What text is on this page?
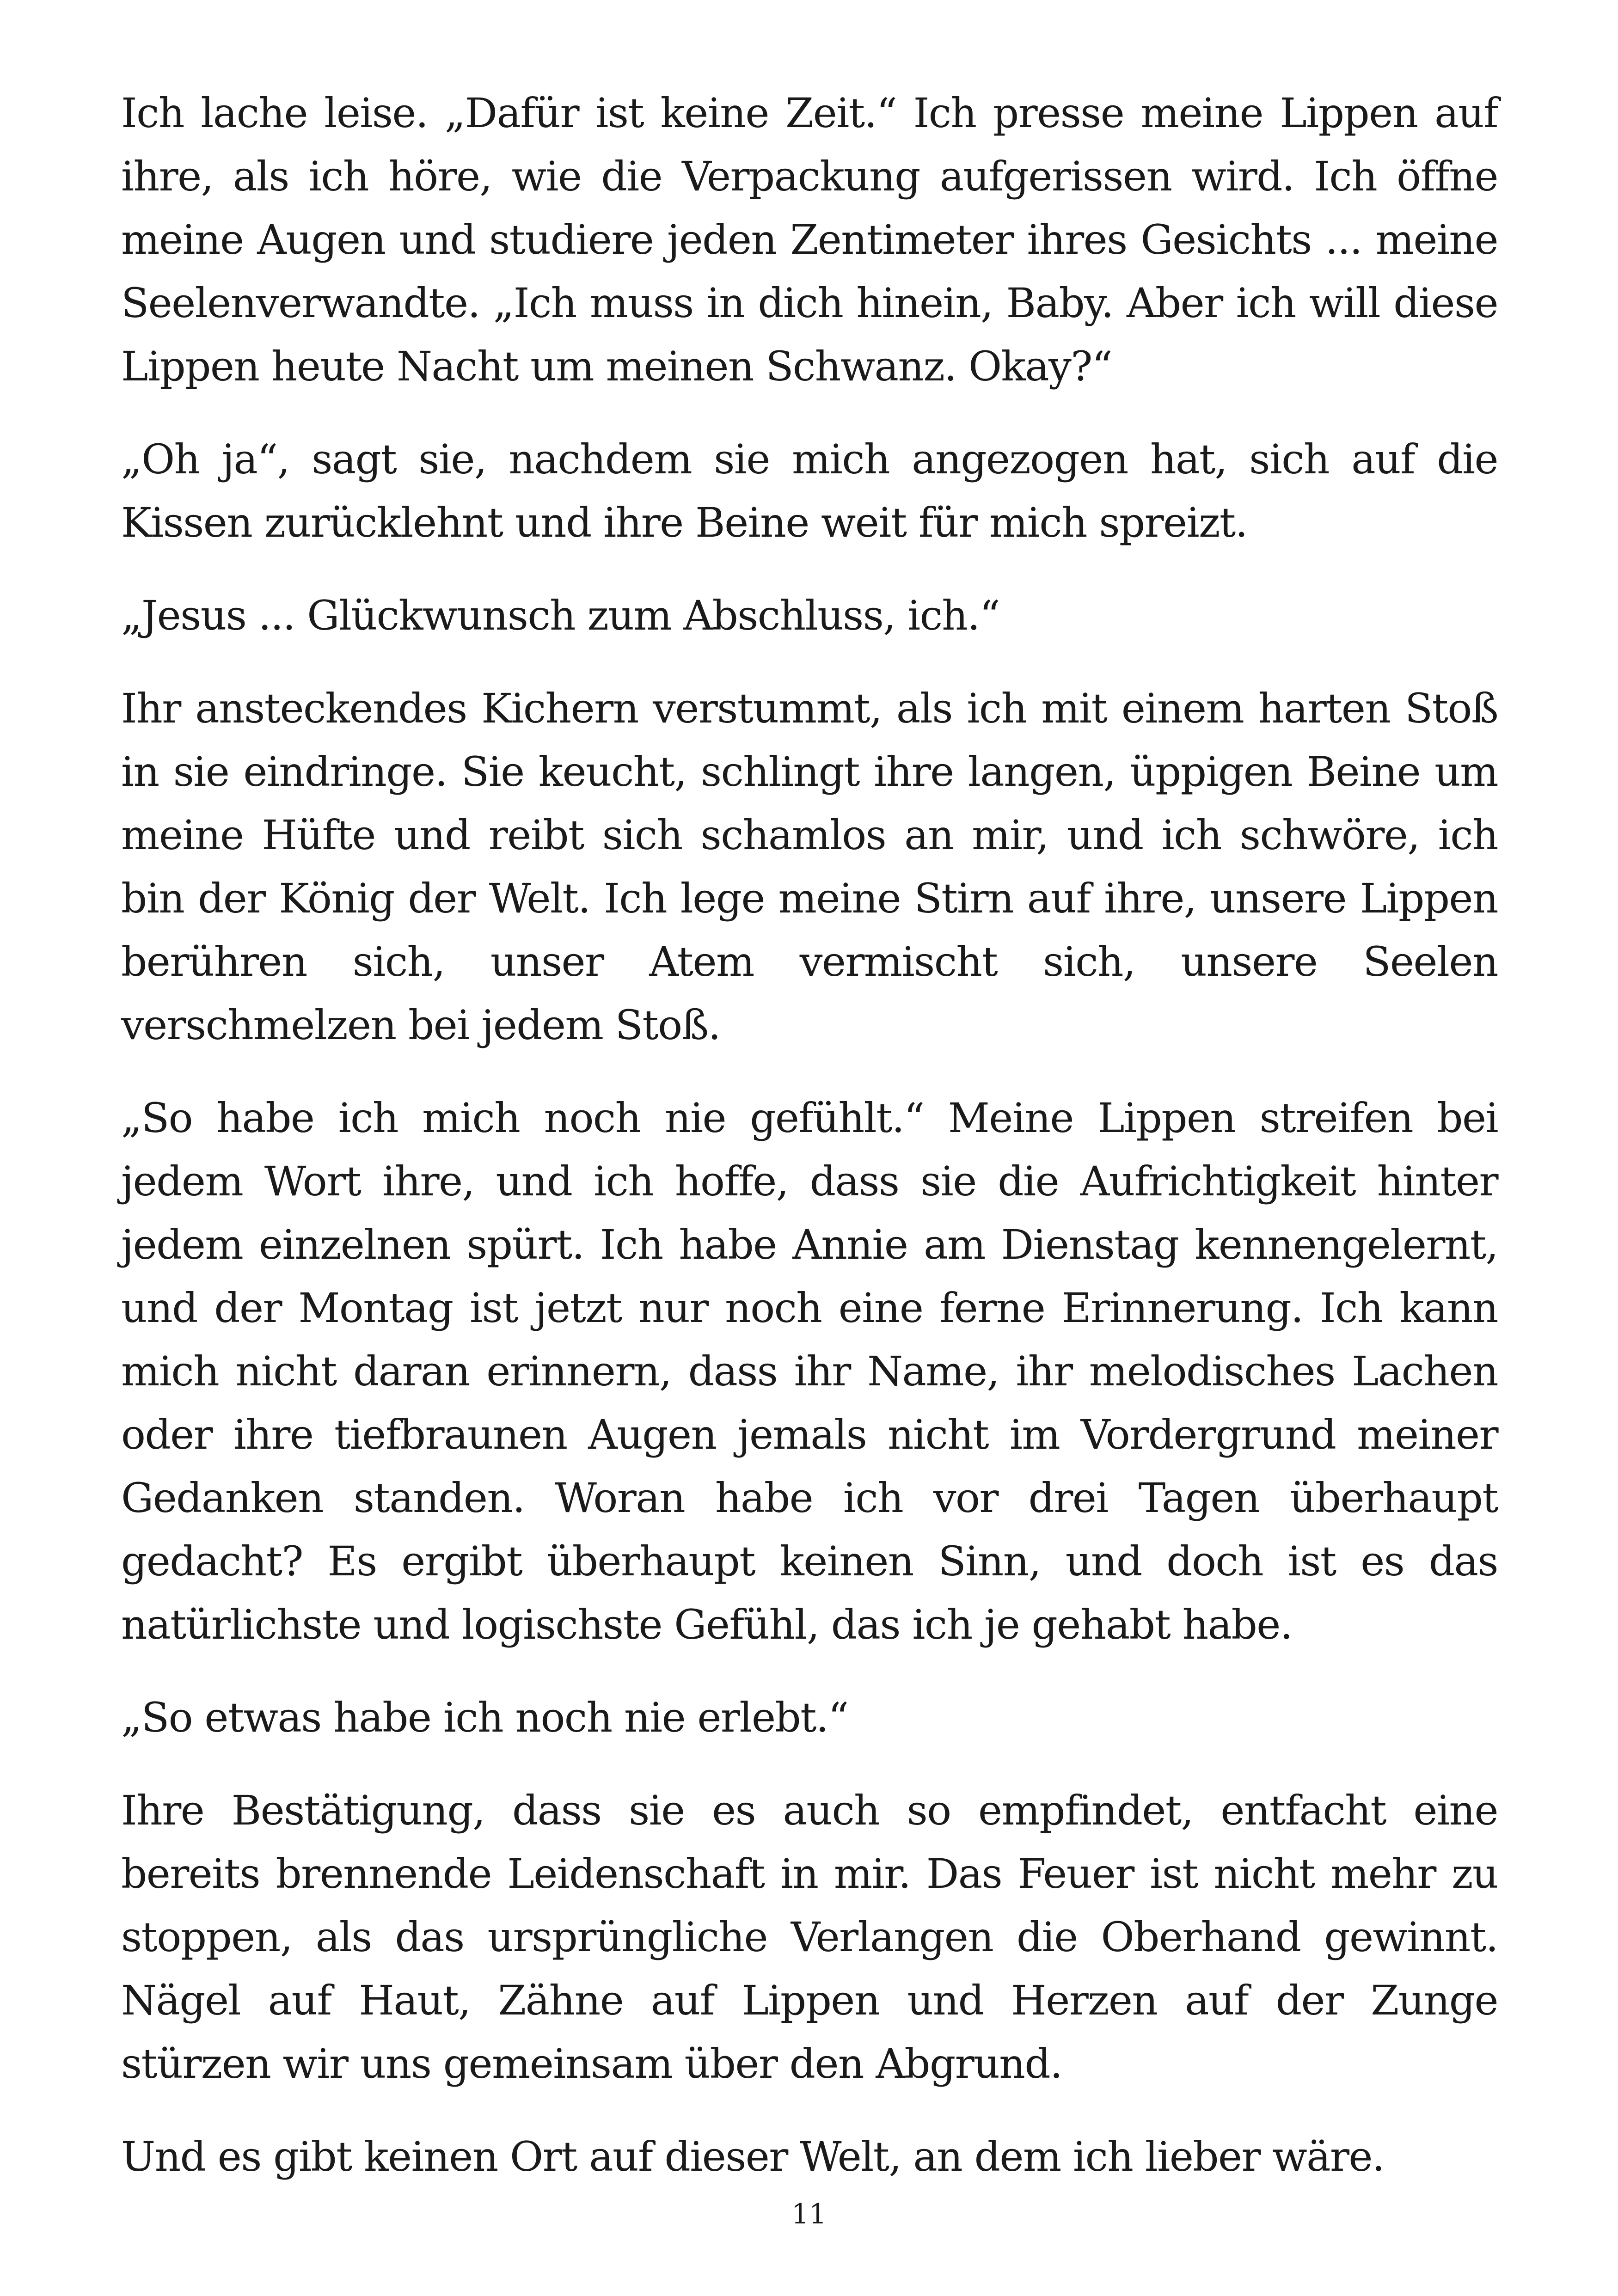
Ich lache leise. „Dafür ist keine Zeit.“ Ich presse meine Lippen auf ihre, als ich höre, wie die Verpackung aufgerissen wird. Ich öffne meine Augen und studiere jeden Zentimeter ihres Gesichts ... meine Seelenverwandte. „Ich muss in dich hinein, Baby. Aber ich will diese Lippen heute Nacht um meinen Schwanz. Okay?“

„Oh ja“, sagt sie, nachdem sie mich angezogen hat, sich auf die Kissen zurücklehnt und ihre Beine weit für mich spreizt.

„Jesus ... Glückwunsch zum Abschluss, ich.“

Ihr ansteckendes Kichern verstummt, als ich mit einem harten Stoß in sie eindringe. Sie keucht, schlingt ihre langen, üppigen Beine um meine Hüfte und reibt sich schamlos an mir, und ich schwöre, ich bin der König der Welt. Ich lege meine Stirn auf ihre, unsere Lippen berühren sich, unser Atem vermischt sich, unsere Seelen verschmelzen bei jedem Stoß.

„So habe ich mich noch nie gefühlt.“ Meine Lippen streifen bei jedem Wort ihre, und ich hoffe, dass sie die Aufrichtigkeit hinter jedem einzelnen spürt. Ich habe Annie am Dienstag kennengelernt, und der Montag ist jetzt nur noch eine ferne Erinnerung. Ich kann mich nicht daran erinnern, dass ihr Name, ihr melodisches Lachen oder ihre tiefbraunen Augen jemals nicht im Vordergrund meiner Gedanken standen. Woran habe ich vor drei Tagen überhaupt gedacht? Es ergibt überhaupt keinen Sinn, und doch ist es das natürlichste und logischste Gefühl, das ich je gehabt habe.

„So etwas habe ich noch nie erlebt.“

Ihre Bestätigung, dass sie es auch so empfindet, entfacht eine bereits brennende Leidenschaft in mir. Das Feuer ist nicht mehr zu stoppen, als das ursprüngliche Verlangen die Oberhand gewinnt. Nägel auf Haut, Zähne auf Lippen und Herzen auf der Zunge stürzen wir uns gemeinsam über den Abgrund.

Und es gibt keinen Ort auf dieser Welt, an dem ich lieber wäre.

11
